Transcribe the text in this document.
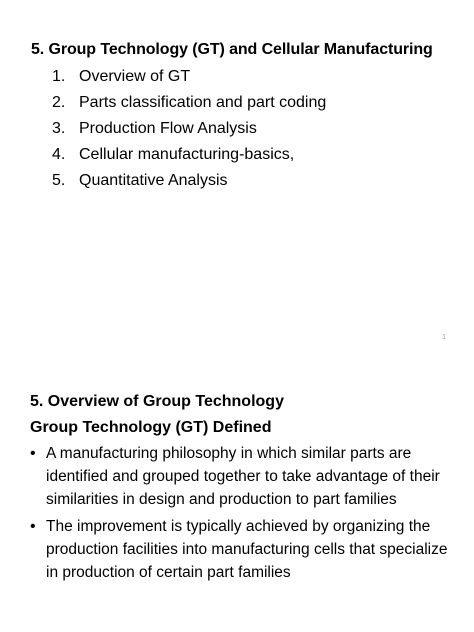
5. Group Technology (GT) and Cellular Manufacturing
1. Overview of GT
2. Parts classification and part coding
3. Production Flow Analysis
4. Cellular manufacturing-basics,
5. Quantitative Analysis
1
5. Overview of Group Technology
Group Technology (GT) Defined
• A manufacturing philosophy in which similar parts are identified and grouped together to take advantage of their similarities in design and production to part families
• The improvement is typically achieved by organizing the production facilities into manufacturing cells that specialize in production of certain part families
